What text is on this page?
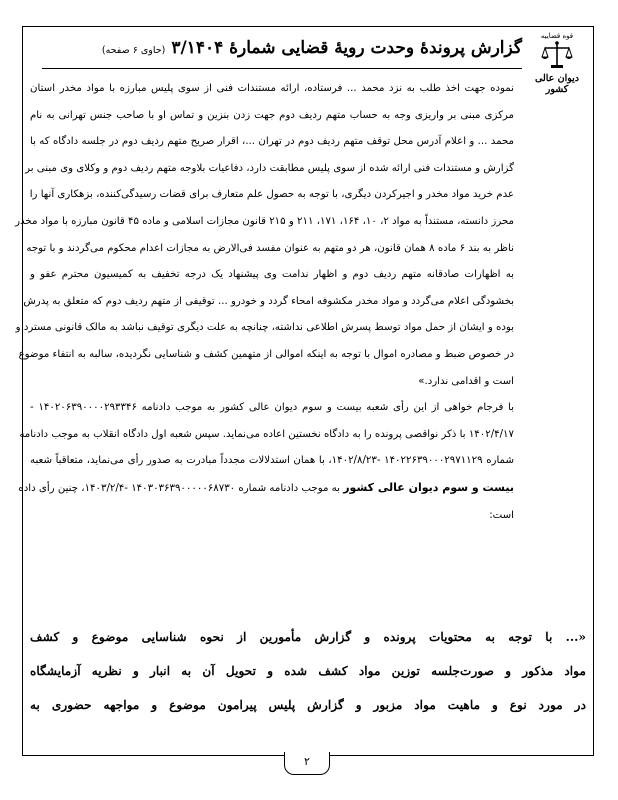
قوه قضاییه
دیوان عالی کشور
گزارش پروندهٔ وحدت رویهٔ قضایی شمارهٔ ۳/۱۴۰۴
(حاوی ۶ صفحه)

نموده جهت اخذ طلب به نزد محمد ... فرستاده، ارائه مستندات فنی از سوی پلیس مبارزه با مواد مخدر استان
مرکزی مبنی بر واریزی وجه به حساب متهم ردیف دوم جهت زدن بنزین و تماس او با صاحب جنس تهرانی به نام
محمد ... و اعلام آدرس محل توقف متهم ردیف دوم در تهران ...، اقرار صریح متهم ردیف دوم در جلسه دادگاه که با
گزارش و مستندات فنی ارائه شده از سوی پلیس مطابقت دارد، دفاعیات بلاوجه متهم ردیف دوم و وکلای وی مبنی بر
عدم خرید مواد مخدر و اجیرکردن دیگری، با توجه به حصول علم متعارف برای قضات رسیدگی‌کننده، بزهکاری آنها را
محرز دانسته، مستنداً به مواد ۲، ۱۰، ۱۶۴، ۱۷۱، ۲۱۱ و ۲۱۵ قانون مجازات اسلامی و ماده ۴۵ قانون مبارزه با مواد مخدر
ناظر به بند ۶ ماده ۸ همان قانون، هر دو متهم به عنوان مفسد فی‌الارض به مجازات اعدام محکوم می‌گردند و با توجه
به اظهارات صادقانه متهم ردیف دوم و اظهار ندامت وی پیشنهاد یک درجه تخفیف به کمیسیون محترم عفو و
بخشودگی اعلام می‌گردد و مواد مخدر مکشوفه امحاء گردد و خودرو ... توقیفی از متهم ردیف دوم که متعلق به پدرش
بوده و ایشان از حمل مواد توسط پسرش اطلاعی نداشته، چنانچه به علت دیگری توقیف نباشد به مالک قانونی مسترد و
در خصوص ضبط و مصادره اموال با توجه به اینکه اموالی از متهمین کشف و شناسایی نگردیده، سالبه به انتفاء موضوع
است و اقدامی ندارد.»

با فرجام خواهی از این رأی شعبه بیست و سوم دیوان عالی کشور به موجب دادنامه ۱۴۰۲۰۶۳۹۰۰۰۰۲۹۳۳۴۶ -
۱۴۰۲/۴/۱۷ با ذکر نواقصی پرونده را به دادگاه نخستین اعاده می‌نماید. سپس شعبه اول دادگاه انقلاب به موجب دادنامه
شماره ۱۴۰۲۲۶۳۹۰۰۰۲۹۷۱۱۲۹ -۱۴۰۲/۸/۲۳، با همان استدلالات مجدداً مبادرت به صدور رأی می‌نماید، متعاقباً شعبه
بیست و سوم دیوان عالی کشور به موجب دادنامه شماره ۱۴۰۳۰۳۶۳۹۰۰۰۰۰۶۸۷۳۰ -۱۴۰۳/۲/۴، چنین رأی داده
است:

«... با توجه به محتویات پرونده و گزارش مأمورین از نحوه شناسایی موضوع و کشف
مواد مذکور و صورت‌جلسه توزین مواد کشف شده و تحویل آن به انبار و نظریه آزمایشگاه
در مورد نوع و ماهیت مواد مزبور و گزارش پلیس پیرامون موضوع و مواجهه حضوری به
۲
